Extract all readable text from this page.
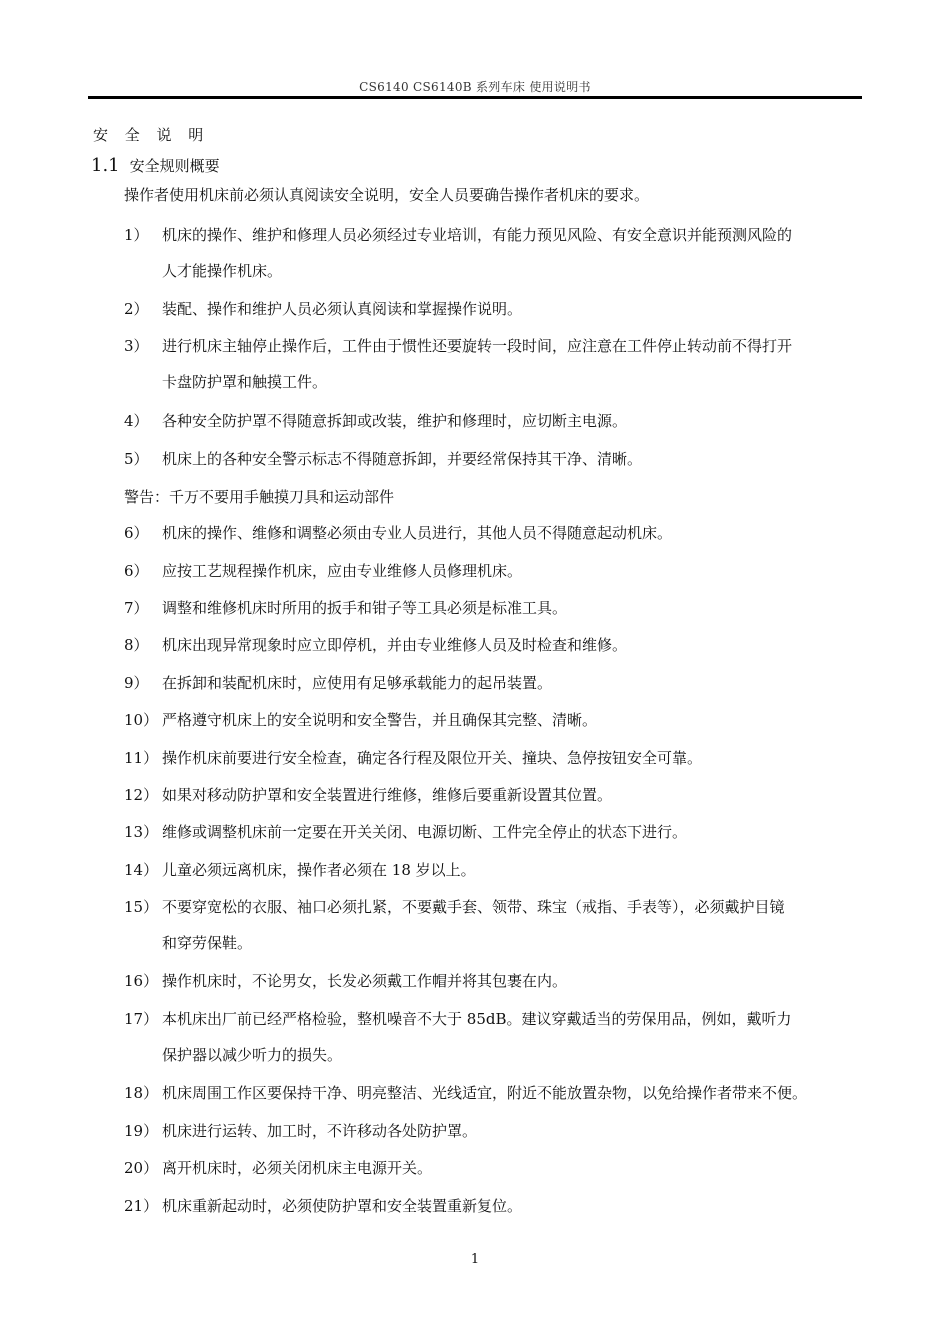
CS6140 CS6140B 系列车床 使用说明书
安 全 说 明
1.1 安全规则概要
操作者使用机床前必须认真阅读安全说明，安全人员要确告操作者机床的要求。
1） 机床的操作、维护和修理人员必须经过专业培训，有能力预见风险、有安全意识并能预测风险的
人才能操作机床。
2） 装配、操作和维护人员必须认真阅读和掌握操作说明。
3） 进行机床主轴停止操作后，工件由于惯性还要旋转一段时间，应注意在工件停止转动前不得打开
卡盘防护罩和触摸工件。
4） 各种安全防护罩不得随意拆卸或改装，维护和修理时，应切断主电源。
5） 机床上的各种安全警示标志不得随意拆卸，并要经常保持其干净、清晰。
警告：千万不要用手触摸刀具和运动部件
6） 机床的操作、维修和调整必须由专业人员进行，其他人员不得随意起动机床。
6） 应按工艺规程操作机床，应由专业维修人员修理机床。
7） 调整和维修机床时所用的扳手和钳子等工具必须是标准工具。
8） 机床出现异常现象时应立即停机，并由专业维修人员及时检查和维修。
9） 在拆卸和装配机床时，应使用有足够承载能力的起吊装置。
10） 严格遵守机床上的安全说明和安全警告，并且确保其完整、清晰。
11） 操作机床前要进行安全检查，确定各行程及限位开关、撞块、急停按钮安全可靠。
12） 如果对移动防护罩和安全装置进行维修，维修后要重新设置其位置。
13） 维修或调整机床前一定要在开关关闭、电源切断、工件完全停止的状态下进行。
14） 儿童必须远离机床，操作者必须在 18 岁以上。
15） 不要穿宽松的衣服、袖口必须扎紧，不要戴手套、领带、珠宝（戒指、手表等），必须戴护目镜
和穿劳保鞋。
16） 操作机床时，不论男女，长发必须戴工作帽并将其包裹在内。
17） 本机床出厂前已经严格检验，整机噪音不大于 85dB。建议穿戴适当的劳保用品，例如，戴听力
保护器以减少听力的损失。
18） 机床周围工作区要保持干净、明亮整洁、光线适宜，附近不能放置杂物，以免给操作者带来不便。
19） 机床进行运转、加工时，不许移动各处防护罩。
20） 离开机床时，必须关闭机床主电源开关。
21） 机床重新起动时，必须使防护罩和安全装置重新复位。
1
